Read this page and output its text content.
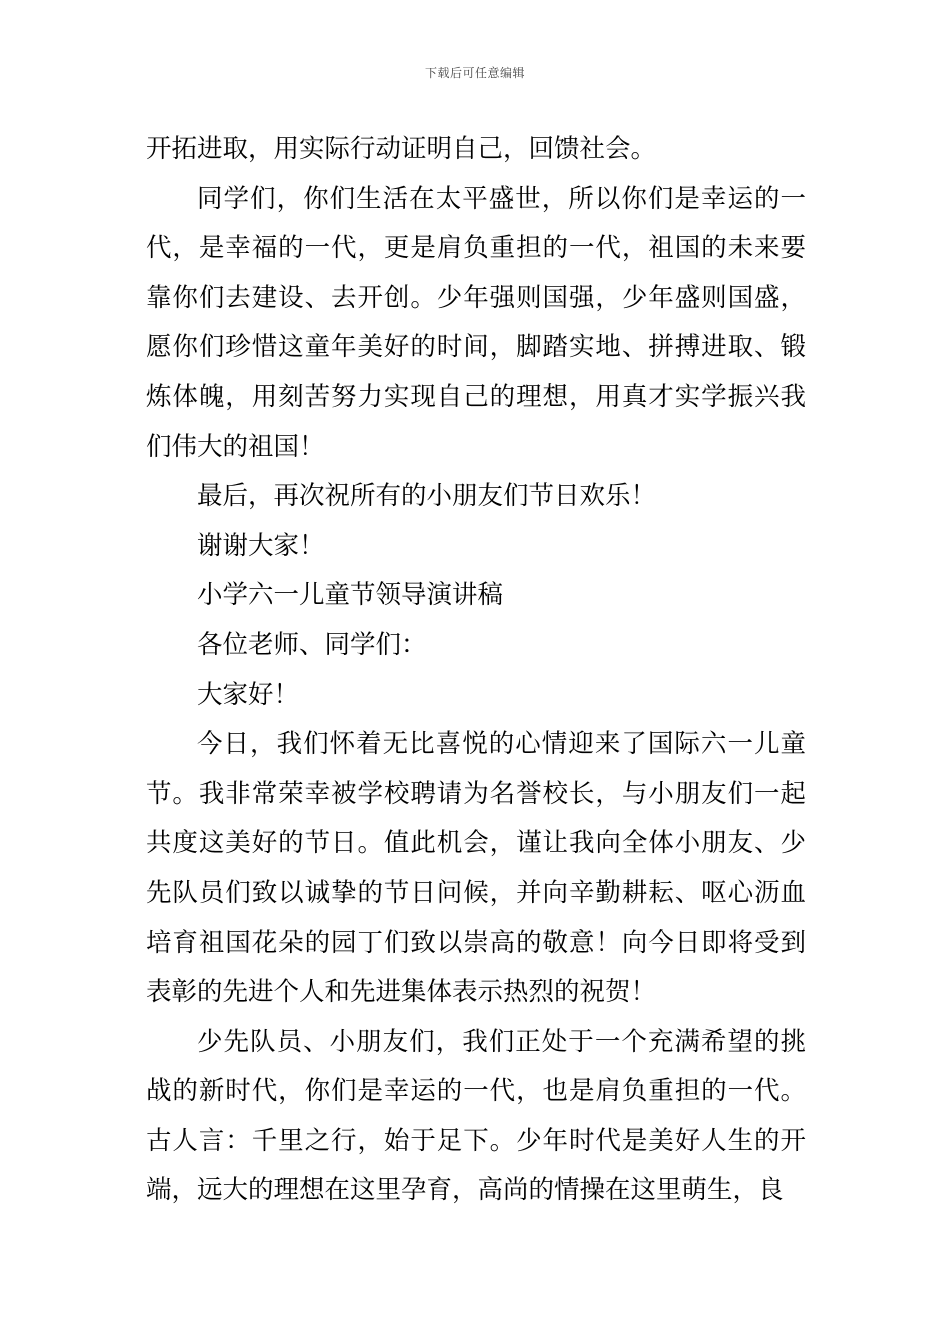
下载后可任意编辑

开拓进取，用实际行动证明自己，回馈社会。

同学们，你们生活在太平盛世，所以你们是幸运的一代，是幸福的一代，更是肩负重担的一代，祖国的未来要靠你们去建设、去开创。少年强则国强，少年盛则国盛，愿你们珍惜这童年美好的时间，脚踏实地、拼搏进取、锻炼体魄，用刻苦努力实现自己的理想，用真才实学振兴我们伟大的祖国！

最后，再次祝所有的小朋友们节日欢乐！

谢谢大家！

小学六一儿童节领导演讲稿

各位老师、同学们：

大家好！

今日，我们怀着无比喜悦的心情迎来了国际六一儿童节。我非常荣幸被学校聘请为名誉校长，与小朋友们一起共度这美好的节日。值此机会，谨让我向全体小朋友、少先队员们致以诚挚的节日问候，并向辛勤耕耘、呕心沥血培育祖国花朵的园丁们致以崇高的敬意！向今日即将受到表彰的先进个人和先进集体表示热烈的祝贺！

少先队员、小朋友们，我们正处于一个充满希望的挑战的新时代，你们是幸运的一代，也是肩负重担的一代。古人言：千里之行，始于足下。少年时代是美好人生的开端，远大的理想在这里孕育，高尚的情操在这里萌生，良
